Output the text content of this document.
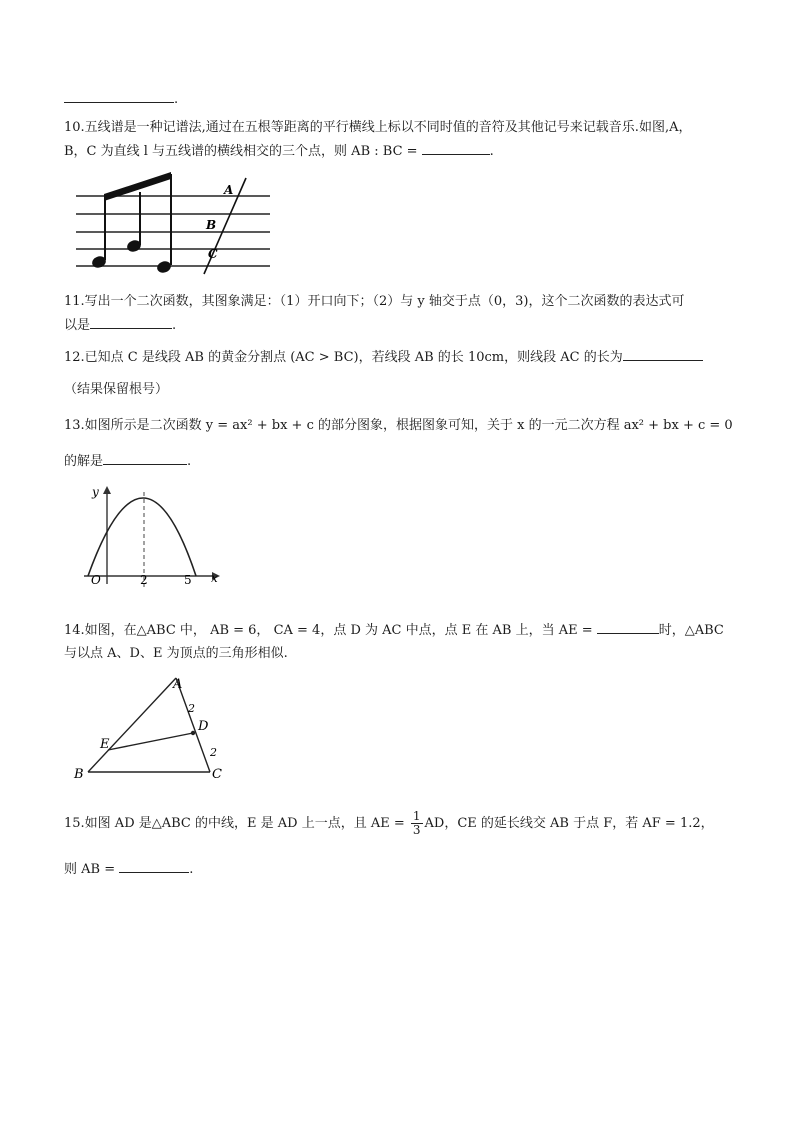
.
10.五线谱是一种记谱法,通过在五根等距离的平行横线上标以不同时值的音符及其他记号来记载音乐.如图,A，
B，C 为直线 l 与五线谱的横线相交的三个点，则 AB : BC =	.
A
B
C
11.写出一个二次函数，其图象满足：（1）开口向下；（2）与 y 轴交于点（0，3)，这个二次函数的表达式可
以是	.
12.已知点 C 是线段 AB 的黄金分割点 (AC > BC)，若线段 AB 的长 10cm，则线段 AC 的长为
（结果保留根号）
13.如图所示是二次函数 y = ax² + bx + c 的部分图象，根据图象可知，关于 x 的一元二次方程 ax² + bx + c = 0
的解是	.
y
x
O	2	5
14.如图，在△ABC 中， AB = 6， CA = 4，点 D 为 AC 中点，点 E 在 AB 上，当 AE =	时，△ABC
与以点 A、D、E 为顶点的三角形相似.
A
B	C
D
E
2
2
15.如图 AD 是△ABC 的中线，E 是 AD 上一点，且 AE = $\frac{1}{3}$ AD，CE 的延长线交 AB 于点 F，若 AF = 1.2，
则 AB =	.
